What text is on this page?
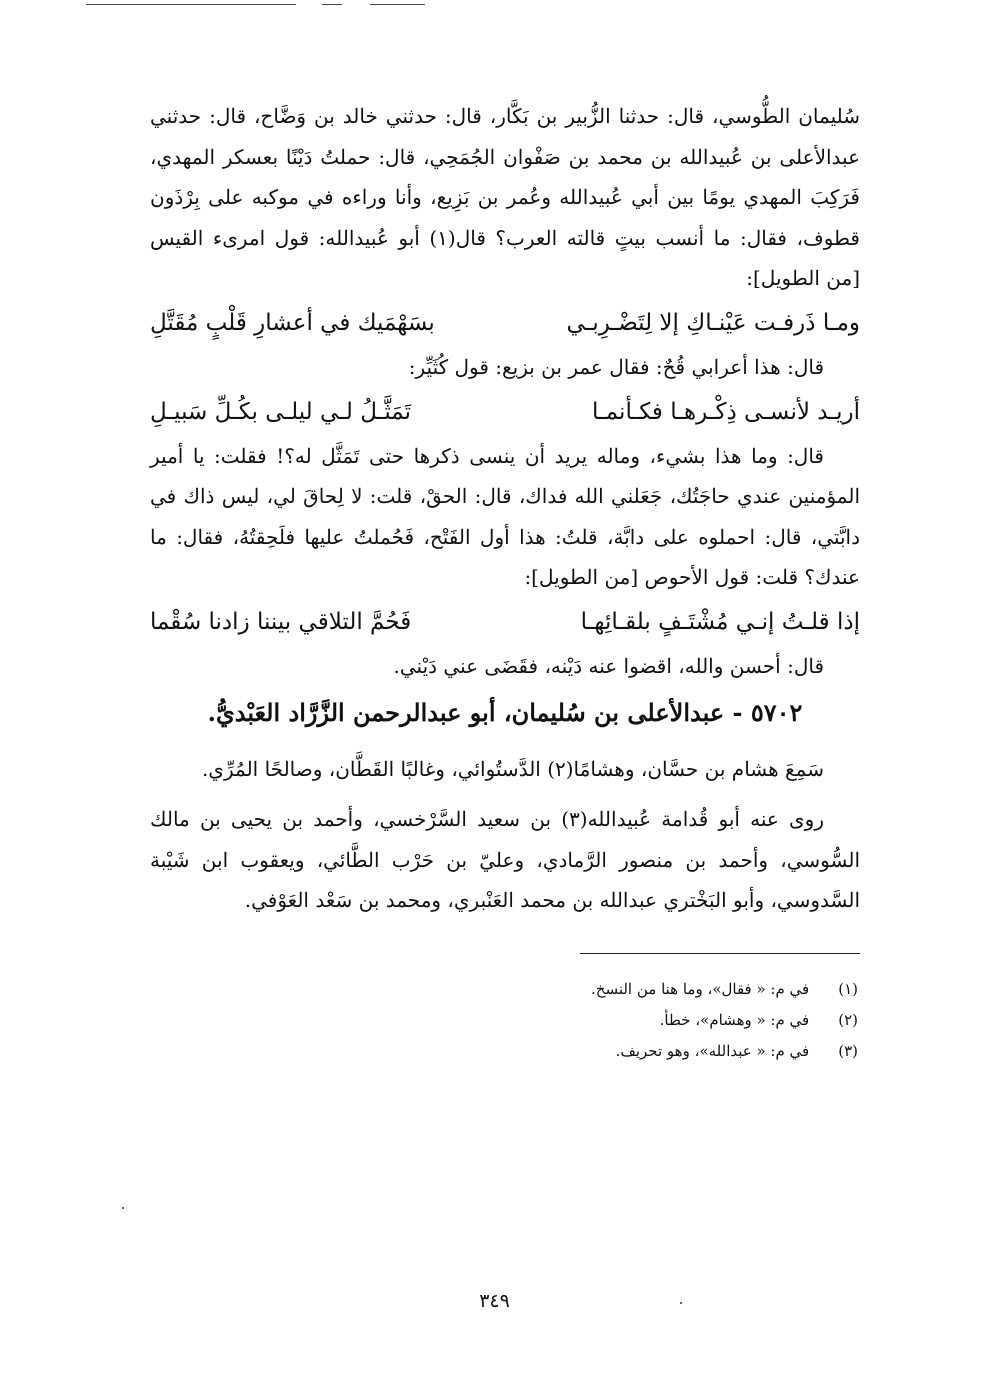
سُليمان الطُّوسي، قال: حدثنا الزُّبير بن بَكَّار، قال: حدثني خالد بن وَضَّاح، قال: حدثني عبدالأعلى بن عُبيدالله بن محمد بن صَفْوان الجُمَحِي، قال: حملتُ دَيْنًا بعسكر المهدي، فَرَكِبَ المهدي يومًا بين أبي عُبيدالله وعُمر بن بَزِيع، وأنا وراءه في موكبه على بِرْذَون قطوف، فقال: ما أنسب بيتٍ قالته العرب؟ قال(١) أبو عُبيدالله: قول امرىء القيس [من الطويل]:

ومـا ذَرفـت عَيْنـاكِ إلا لِتَضْـرِبـي
بسَهْمَيك في أعشارِ قَلْبٍ مُقَتَّلِ

قال: هذا أعرابي قُحٌ: فقال عمر بن بزيع: قول كُثَيِّر:

أريـد لأنسـى ذِكْـرهـا فكـأنمـا
تَمَثَّـلُ لـي ليلـى بكُـلِّ سَبيـلِ

قال: وما هذا بشيء، وماله يريد أن ينسى ذكرها حتى تَمَثَّل له؟! فقلت: يا أمير المؤمنين عندي حاجَتُك، جَعَلني الله فداك، قال: الحقْ، قلت: لا لِحاقَ لي، ليس ذاك في دابَّتي، قال: احملوه على دابَّة، قلتُ: هذا أول الفَتْح، فَحُملتُ عليها فلَحِقتُهُ، فقال: ما عندك؟ قلت: قول الأحوص [من الطويل]:

إذا قلـتُ إنـي مُشْتَـفٍ بلقـائِهـا
فَحُمَّ التلاقي بيننا زادنا سُقْما

قال: أحسن والله، اقضوا عنه دَيْنه، فقَضَى عني دَيْني.

٥٧٠٢ - عبدالأعلى بن سُليمان، أبو عبدالرحمن الزَّرَّاد العَبْديُّ.

سَمِعَ هشام بن حسَّان، وهشامًا(٢) الدَّستُوائي، وغالبًا القَطَّان، وصالحًا المُرِّي.

روى عنه أبو قُدامة عُبيدالله(٣) بن سعيد السَّرْخسي، وأحمد بن يحيى بن مالك السُّوسي، وأحمد بن منصور الرَّمادي، وعليّ بن حَرْب الطَّائي، ويعقوب ابن شَيْبة السَّدوسي، وأبو البَخْتري عبدالله بن محمد العَنْبري، ومحمد بن سَعْد العَوْفي.

(١) في م: « فقال»، وما هنا من النسخ.

(٢) في م: « وهشام»، خطأ.

(٣) في م: « عبدالله»، وهو تحريف.

٣٤٩
